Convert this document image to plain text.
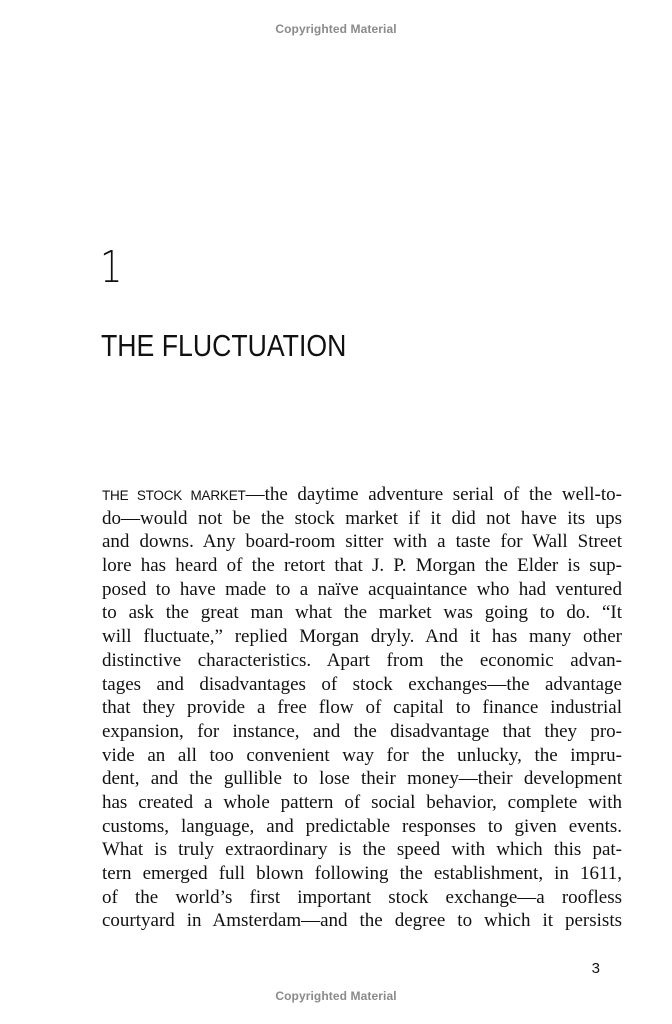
Copyrighted Material
1
THE FLUCTUATION
THE STOCK MARKET—the daytime adventure serial of the well-to-
do—would not be the stock market if it did not have its ups
and downs. Any board-room sitter with a taste for Wall Street
lore has heard of the retort that J. P. Morgan the Elder is sup-
posed to have made to a naïve acquaintance who had ventured
to ask the great man what the market was going to do. “It
will fluctuate,” replied Morgan dryly. And it has many other
distinctive characteristics. Apart from the economic advan-
tages and disadvantages of stock exchanges—the advantage
that they provide a free flow of capital to finance industrial
expansion, for instance, and the disadvantage that they pro-
vide an all too convenient way for the unlucky, the impru-
dent, and the gullible to lose their money—their development
has created a whole pattern of social behavior, complete with
customs, language, and predictable responses to given events.
What is truly extraordinary is the speed with which this pat-
tern emerged full blown following the establishment, in 1611,
of the world’s first important stock exchange—a roofless
courtyard in Amsterdam—and the degree to which it persists
3
Copyrighted Material
